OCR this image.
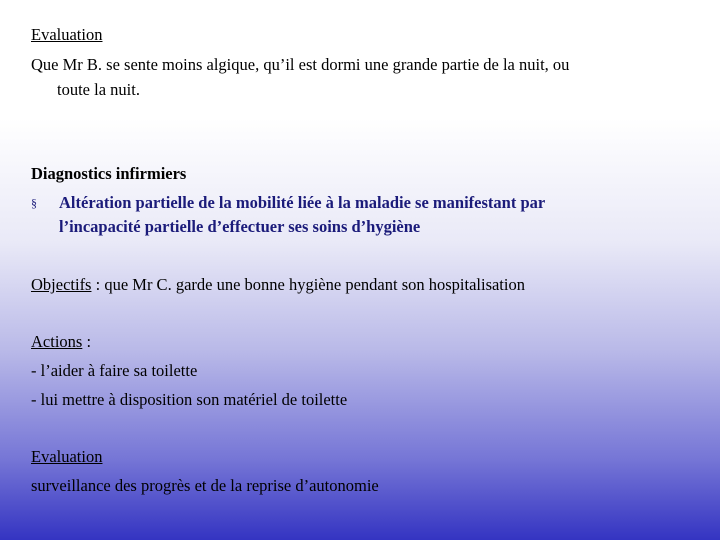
Evaluation
Que Mr B. se sente moins algique, qu’il est dormi une grande partie de la nuit, ou
toute la nuit.
Diagnostics infirmiers
§ Altération partielle de la mobilité liée à la maladie se manifestant par
l’incapacité partielle d’effectuer ses soins d’hygiène
Objectifs : que Mr C. garde une bonne hygiène pendant son hospitalisation
Actions :
- l’aider à faire sa toilette
- lui mettre à disposition son matériel de toilette
Evaluation
surveillance des progrès et de la reprise d’autonomie
